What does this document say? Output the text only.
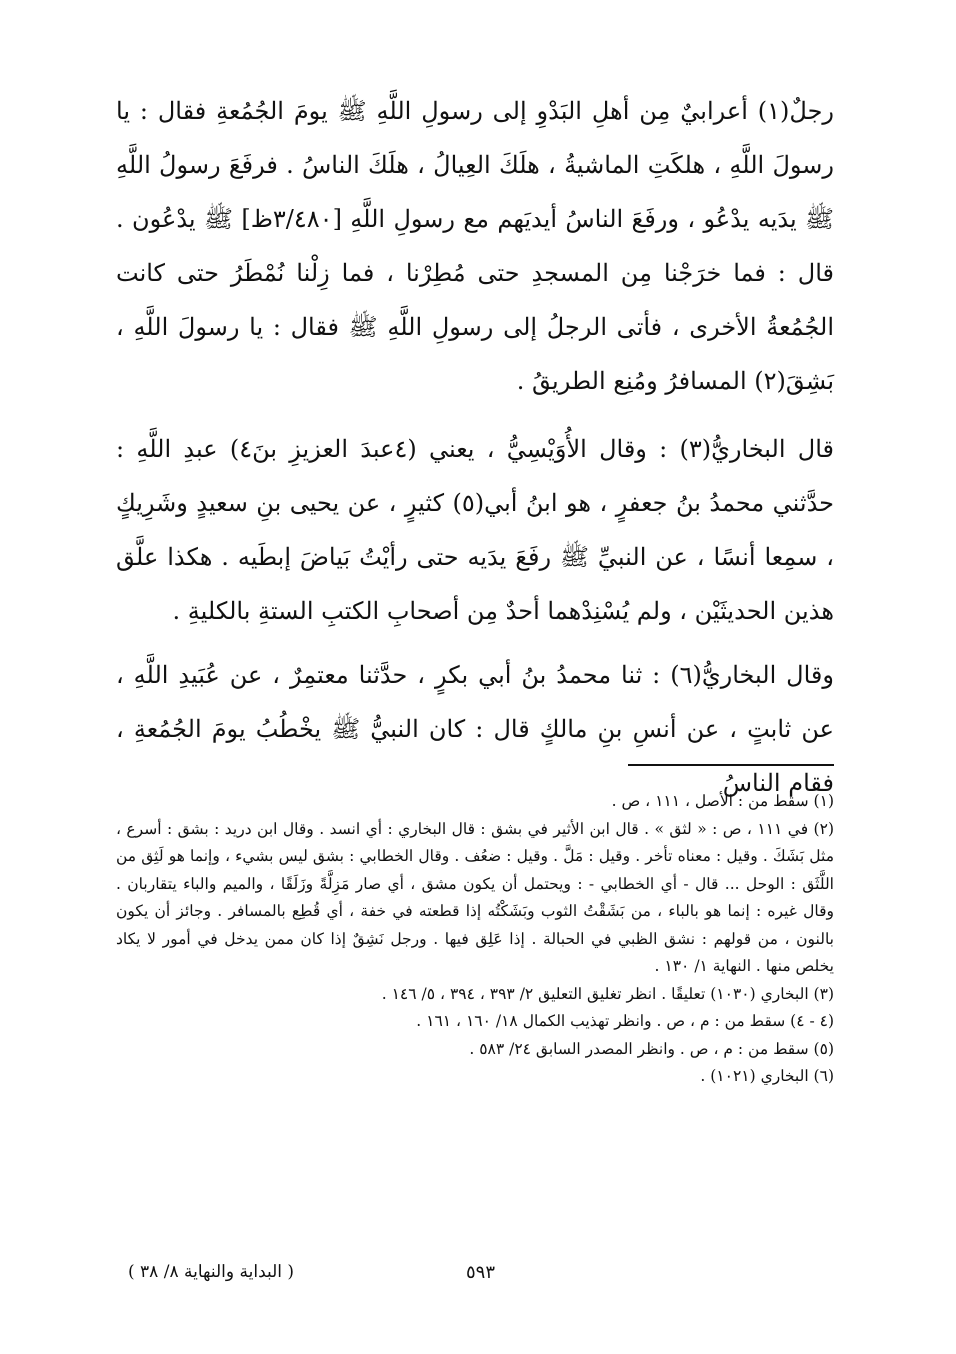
رجلٌ(١) أعرابيٌ مِن أهلِ البَدْوِ إلى رسولِ اللَّهِ ﷺ يومَ الجُمُعةِ فقال : يا رسولَ اللَّهِ ، هلكَتِ الماشيةُ ، هلَكَ العِيالُ ، هلَكَ الناسُ . فرفَعَ رسولُ اللَّهِ ﷺ يدَيه يدْعُو ، ورفَعَ الناسُ أيديَهم مع رسولِ اللَّهِ [٣/٤٨٠ظ] ﷺ يدْعُون . قال : فما خرَجْنا مِن المسجدِ حتى مُطِرْنا ، فما زِلْنا نُمْطَرُ حتى كانت الجُمُعةُ الأخرى ، فأتى الرجلُ إلى رسولِ اللَّهِ ﷺ فقال : يا رسولَ اللَّهِ ، بَشِقَ(٢) المسافرُ ومُنِع الطريقُ .

قال البخاريُّ(٣) : وقال الأُوَيْسِيُّ ، يعني (٤عبدَ العزيزِ بنَ٤) عبدِ اللَّهِ : حدَّثني محمدُ بنُ جعفرٍ ، هو ابنُ أبي(٥) كثيرٍ ، عن يحيى بنِ سعيدٍ وشَرِيكٍ ، سمِعا أنسًا ، عن النبيِّ ﷺ رفَعَ يدَيه حتى رأيْتُ بَياضَ إبطَيه . هكذا علَّق هذين الحديثَيْن ، ولم يُسْنِدْهما أحدٌ مِن أصحابِ الكتبِ الستةِ بالكليةِ .

وقال البخاريُّ(٦) : ثنا محمدُ بنُ أبي بكرٍ ، حدَّثنا معتمِرٌ ، عن عُبَيدِ اللَّهِ ، عن ثابتٍ ، عن أنسِ بنِ مالكٍ قال : كان النبيُّ ﷺ يخْطُبُ يومَ الجُمُعةِ ، فقام الناسُ

(١) سقط من : الأصل ، ١١١ ، ص .

(٢) في ١١١ ، ص : « لثق » . قال ابن الأثير في بشق : قال البخاري : أي انسد . وقال ابن دريد : بشق : أسرع ، مثل بَشَكَ . وقيل : معناه تأخر . وقيل : مَلَّ . وقيل : ضعُف . وقال الخطابي : بشق ليس بشيء ، وإنما هو لَثِق من اللَّثَق : الوحل ... قال - أي الخطابي - : ويحتمل أن يكون مشق ، أي صار مَزِلَّةً وزَلَقًا ، والميم والباء يتقاربان . وقال غيره : إنما هو بالباء ، من بَشَقْتُ الثوب وبَشَكْتُه إذا قطعته في خفة ، أي قُطِع بالمسافر . وجائز أن يكون بالنون ، من قولهم : نشق الظبي في الحبالة . إذا عَلِق فيها . ورجل نَشِقٌ إذا كان ممن يدخل في أمور لا يكاد يخلص منها . النهاية ١/ ١٣٠ .

(٣) البخاري (١٠٣٠) تعليقًا . انظر تغليق التعليق ٢/ ٣٩٣ ، ٣٩٤ ، ٥/ ١٤٦ .

(٤ - ٤) سقط من : م ، ص . وانظر تهذيب الكمال ١٨/ ١٦٠ ، ١٦١ .

(٥) سقط من : م ، ص . وانظر المصدر السابق ٢٤/ ٥٨٣ .

(٦) البخاري (١٠٢١) .

٥٩٣
( البداية والنهاية ٨/ ٣٨ )
